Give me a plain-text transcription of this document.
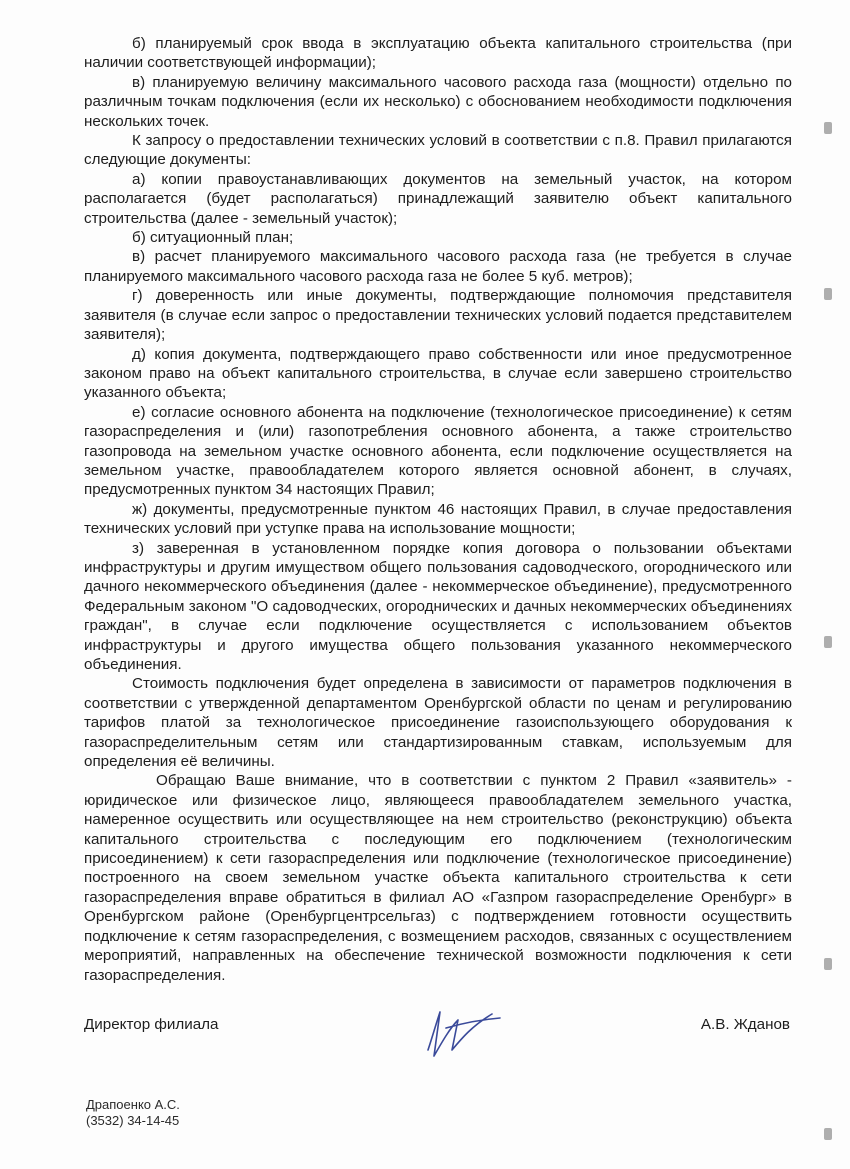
б) планируемый срок ввода в эксплуатацию объекта капитального строительства (при наличии соответствующей информации);

в) планируемую величину максимального часового расхода газа (мощности) отдельно по различным точкам подключения (если их несколько) с обоснованием необходимости подключения нескольких точек.

К запросу о предоставлении технических условий в соответствии с п.8. Правил прилагаются следующие документы:

а) копии правоустанавливающих документов на земельный участок, на котором располагается (будет располагаться) принадлежащий заявителю объект капитального строительства (далее - земельный участок);

б) ситуационный план;

в) расчет планируемого максимального часового расхода газа (не требуется в случае планируемого максимального часового расхода газа не более 5 куб. метров);

г) доверенность или иные документы, подтверждающие полномочия представителя заявителя (в случае если запрос о предоставлении технических условий подается представителем заявителя);

д) копия документа, подтверждающего право собственности или иное предусмотренное законом право на объект капитального строительства, в случае если завершено строительство указанного объекта;

е) согласие основного абонента на подключение (технологическое присоединение) к сетям газораспределения и (или) газопотребления основного абонента, а также строительство газопровода на земельном участке основного абонента, если подключение осуществляется на земельном участке, правообладателем которого является основной абонент, в случаях, предусмотренных пунктом 34 настоящих Правил;

ж) документы, предусмотренные пунктом 46 настоящих Правил, в случае предоставления технических условий при уступке права на использование мощности;

з) заверенная в установленном порядке копия договора о пользовании объектами инфраструктуры и другим имуществом общего пользования садоводческого, огороднического или дачного некоммерческого объединения (далее - некоммерческое объединение), предусмотренного Федеральным законом "О садоводческих, огороднических и дачных некоммерческих объединениях граждан", в случае если подключение осуществляется с использованием объектов инфраструктуры и другого имущества общего пользования указанного некоммерческого объединения.

Стоимость подключения будет определена в зависимости от параметров подключения в соответствии с утвержденной департаментом Оренбургской области по ценам и регулированию тарифов платой за технологическое присоединение газоиспользующего оборудования к газораспределительным сетям или стандартизированным ставкам, используемым для определения её величины.

Обращаю Ваше внимание, что в соответствии с пунктом 2 Правил «заявитель» - юридическое или физическое лицо, являющееся правообладателем земельного участка, намеренное осуществить или осуществляющее на нем строительство (реконструкцию) объекта капитального строительства с последующим его подключением (технологическим присоединением) к сети газораспределения или подключение (технологическое присоединение) построенного на своем земельном участке объекта капитального строительства к сети газораспределения вправе обратиться в филиал АО «Газпром газораспределение Оренбург» в Оренбургском районе (Оренбургцентрсельгаз) с подтверждением готовности осуществить подключение к сетям газораспределения, с возмещением расходов, связанных с осуществлением мероприятий, направленных на обеспечение технической возможности подключения к сети газораспределения.

Директор филиала	А.В. Жданов
Драпоенко А.С.
(3532) 34-14-45
